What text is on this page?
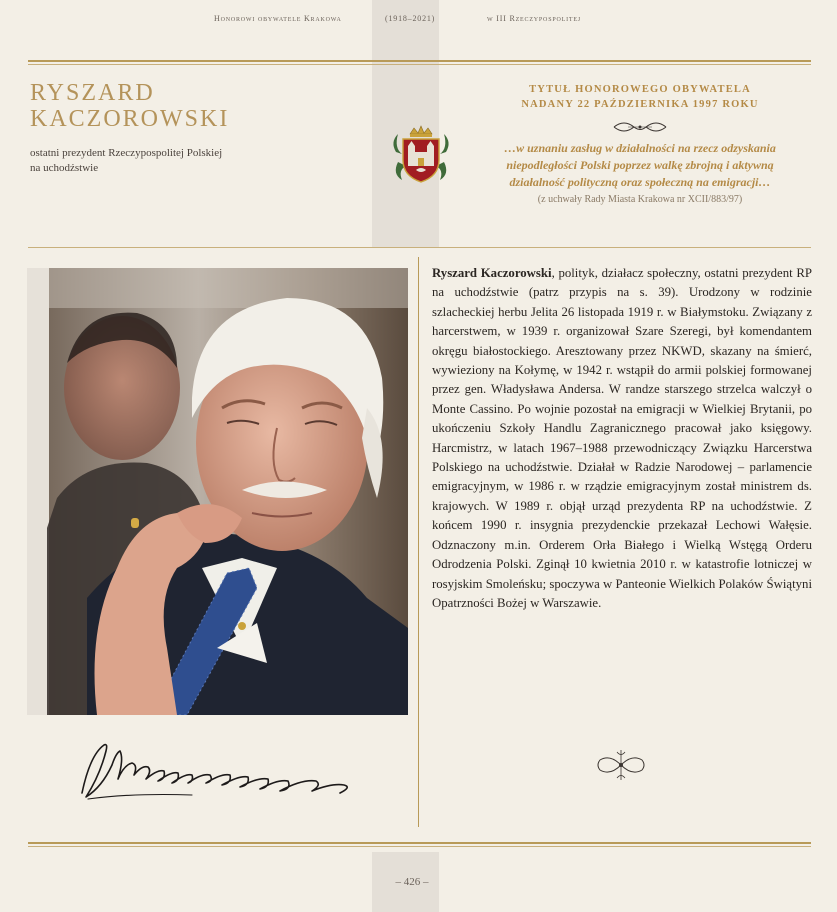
Honorowi obywatele Krakowa	(1918–2021)	w III Rzeczypospolitej
RYSZARD
KACZOROWSKI
ostatni prezydent Rzeczypospolitej Polskiej
na uchodźstwie
TYTUŁ HONOROWEGO OBYWATELA
NADANY 22 PAŹDZIERNIKA 1997 ROKU
…w uznaniu zasług w działalności na rzecz odzyskania
niepodległości Polski poprzez walkę zbrojną i aktywną
działalność polityczną oraz społeczną na emigracji…
(z uchwały Rady Miasta Krakowa nr XCII/883/97)
Ryszard Kaczorowski, polityk, działacz społeczny, ostatni prezydent RP na uchodźstwie (patrz przypis na s. 39). Urodzony w rodzinie szlacheckiej herbu Jelita 26 listopada 1919 r. w Białymstoku. Związany z harcerstwem, w 1939 r. organizował Szare Szeregi, był komendantem okręgu białostockiego. Aresztowany przez NKWD, skazany na śmierć, wywieziony na Kołymę, w 1942 r. wstąpił do armii polskiej formowanej przez gen. Władysława Andersa. W randze starszego strzelca walczył o Monte Cassino. Po wojnie pozostał na emigracji w Wielkiej Brytanii, po ukończeniu Szkoły Handlu Zagranicznego pracował jako księgowy. Harcmistrz, w latach 1967–1988 przewodniczący Związku Harcerstwa Polskiego na uchodźstwie. Działał w Radzie Narodowej – parlamencie emigracyjnym, w 1986 r. w rządzie emigracyjnym został ministrem ds. krajowych. W 1989 r. objął urząd prezydenta RP na uchodźstwie. Z końcem 1990 r. insygnia prezydenckie przekazał Lechowi Wałęsie. Odznaczony m.in. Orderem Orła Białego i Wielką Wstęgą Orderu Odrodzenia Polski. Zginął 10 kwietnia 2010 r. w katastrofie lotniczej w rosyjskim Smoleńsku; spoczywa w Panteonie Wielkich Polaków Świątyni Opatrzności Bożej w Warszawie.
– 426 –
